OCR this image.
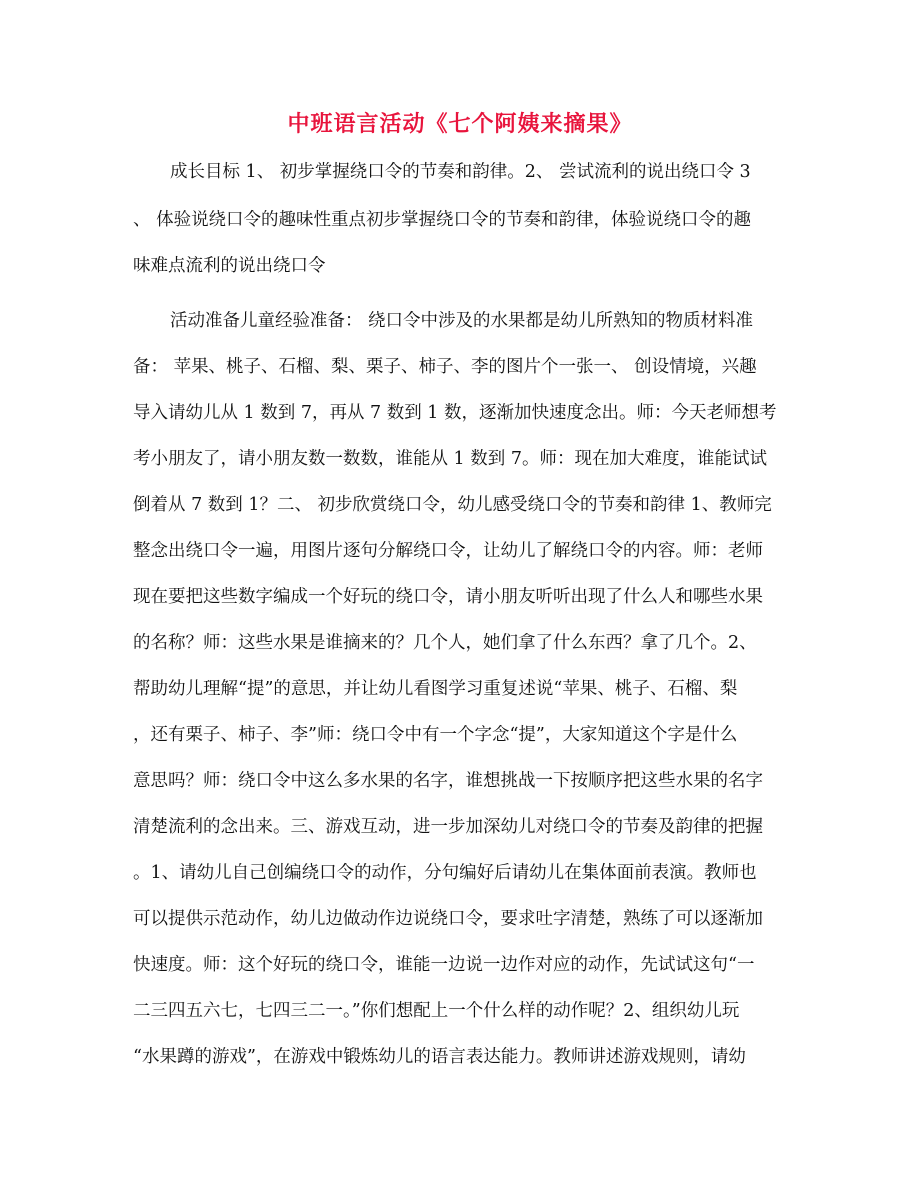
中班语言活动《七个阿姨来摘果》
成长目标 1、 初步掌握绕口令的节奏和韵律。2、 尝试流利的说出绕口令 3
、 体验说绕口令的趣味性重点初步掌握绕口令的节奏和韵律，体验说绕口令的趣
味难点流利的说出绕口令
活动准备儿童经验准备： 绕口令中涉及的水果都是幼儿所熟知的物质材料准
备： 苹果、桃子、石榴、梨、栗子、柿子、李的图片个一张一、 创设情境，兴趣
导入请幼儿从 1 数到 7，再从 7 数到 1 数，逐渐加快速度念出。师：今天老师想考
考小朋友了，请小朋友数一数数，谁能从 1 数到 7。师：现在加大难度，谁能试试
倒着从 7 数到 1？二、 初步欣赏绕口令，幼儿感受绕口令的节奏和韵律 1、教师完
整念出绕口令一遍，用图片逐句分解绕口令，让幼儿了解绕口令的内容。师：老师
现在要把这些数字编成一个好玩的绕口令，请小朋友听听出现了什么人和哪些水果
的名称？师：这些水果是谁摘来的？几个人，她们拿了什么东西？拿了几个。2、
帮助幼儿理解“提”的意思，并让幼儿看图学习重复述说“苹果、桃子、石榴、梨
，还有栗子、柿子、李”师：绕口令中有一个字念“提”，大家知道这个字是什么
意思吗？师：绕口令中这么多水果的名字，谁想挑战一下按顺序把这些水果的名字
清楚流利的念出来。三、游戏互动，进一步加深幼儿对绕口令的节奏及韵律的把握
。1、请幼儿自己创编绕口令的动作，分句编好后请幼儿在集体面前表演。教师也
可以提供示范动作，幼儿边做动作边说绕口令，要求吐字清楚，熟练了可以逐渐加
快速度。师：这个好玩的绕口令，谁能一边说一边作对应的动作，先试试这句“一
二三四五六七，七四三二一。”你们想配上一个什么样的动作呢？2、组织幼儿玩
“水果蹲的游戏”，在游戏中锻炼幼儿的语言表达能力。教师讲述游戏规则，请幼
